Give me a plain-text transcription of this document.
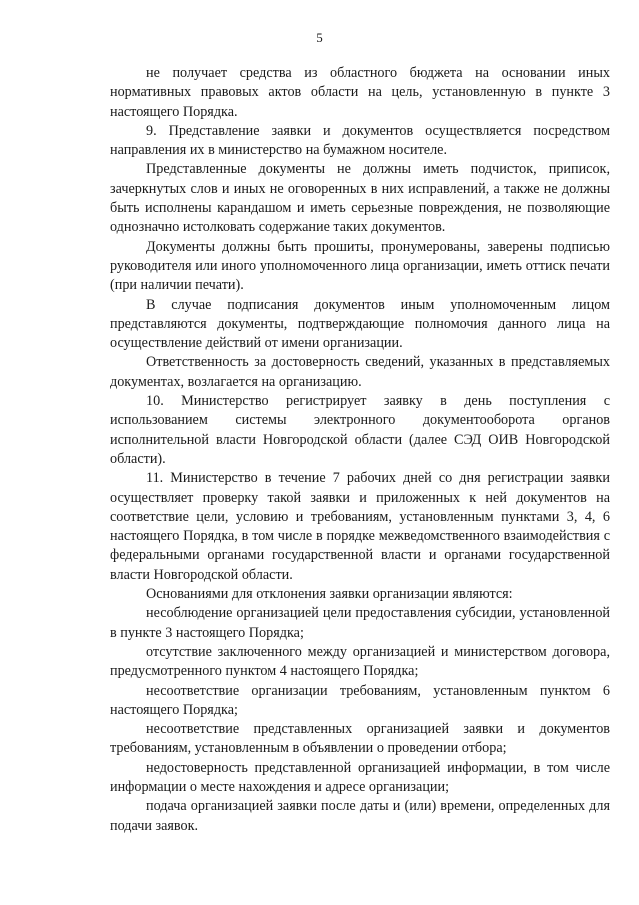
5

не получает средства из областного бюджета на основании иных нормативных правовых актов области на цель, установленную в пункте 3 настоящего Порядка.

9. Представление заявки и документов осуществляется посредством направления их в министерство на бумажном носителе.

Представленные документы не должны иметь подчисток, приписок, зачеркнутых слов и иных не оговоренных в них исправлений, а также не должны быть исполнены карандашом и иметь серьезные повреждения, не позволяющие однозначно истолковать содержание таких документов.

Документы должны быть прошиты, пронумерованы, заверены подписью руководителя или иного уполномоченного лица организации, иметь оттиск печати (при наличии печати).

В случае подписания документов иным уполномоченным лицом представляются документы, подтверждающие полномочия данного лица на осуществление действий от имени организации.

Ответственность за достоверность сведений, указанных в представляемых документах, возлагается на организацию.

10. Министерство регистрирует заявку в день поступления с использованием системы электронного документооборота органов исполнительной власти Новгородской области (далее СЭД ОИВ Новгородской области).

11. Министерство в течение 7 рабочих дней со дня регистрации заявки осуществляет проверку такой заявки и приложенных к ней документов на соответствие цели, условию и требованиям, установленным пунктами 3, 4, 6 настоящего Порядка, в том числе в порядке межведомственного взаимодействия с федеральными органами государственной власти и органами государственной власти Новгородской области.

Основаниями для отклонения заявки организации являются:

несоблюдение организацией цели предоставления субсидии, установленной в пункте 3 настоящего Порядка;

отсутствие заключенного между организацией и министерством договора, предусмотренного пунктом 4 настоящего Порядка;

несоответствие организации требованиям, установленным пунктом 6 настоящего Порядка;

несоответствие представленных организацией заявки и документов требованиям, установленным в объявлении о проведении отбора;

недостоверность представленной организацией информации, в том числе информации о месте нахождения и адресе организации;

подача организацией заявки после даты и (или) времени, определенных для подачи заявок.
